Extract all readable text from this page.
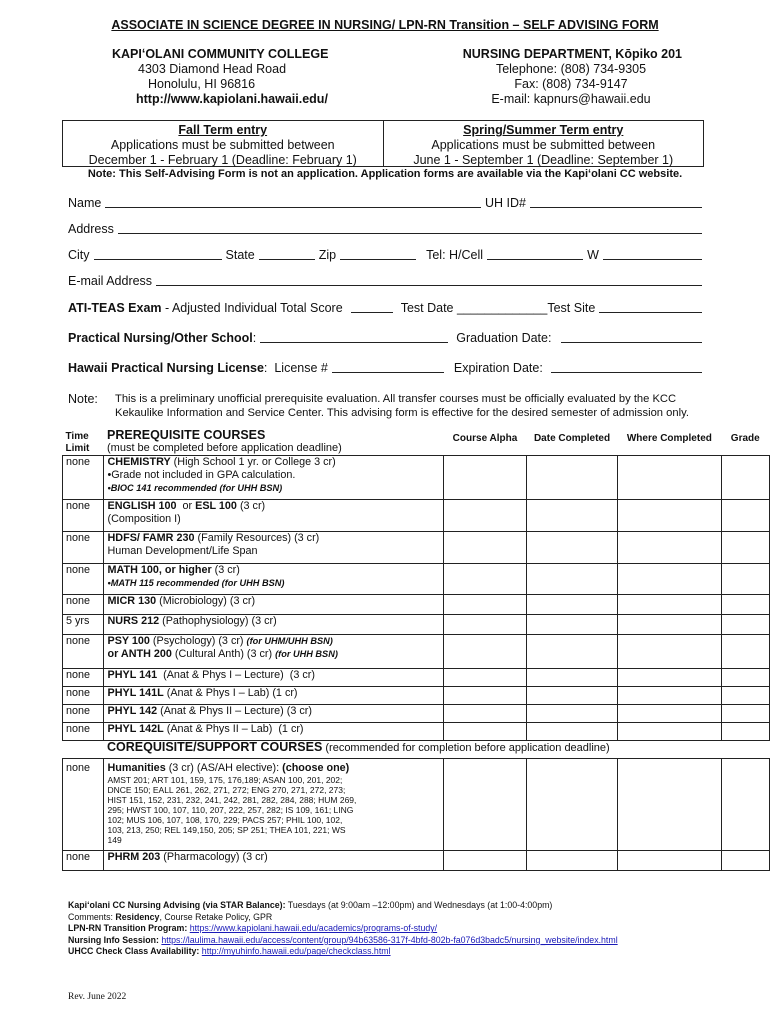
ASSOCIATE IN SCIENCE DEGREE IN NURSING/ LPN-RN Transition – SELF ADVISING FORM
KAPIʻOLANI COMMUNITY COLLEGE
4303 Diamond Head Road
Honolulu, HI 96816
http://www.kapiolani.hawaii.edu/
NURSING DEPARTMENT, Kōpiko 201
Telephone: (808) 734-9305
Fax: (808) 734-9147
E-mail: kapnurs@hawaii.edu
Fall Term entry
Applications must be submitted between
December 1 - February 1 (Deadline: February 1)
Spring/Summer Term entry
Applications must be submitted between
June 1 - September 1 (Deadline: September 1)
Note: This Self-Advising Form is not an application. Application forms are available via the Kapiʻolani CC website.
Name	UH ID#
Address
City	State	Zip	Tel: H/Cell	W
E-mail Address
ATI-TEAS Exam - Adjusted Individual Total Score	Test Date _____________Test Site
Practical Nursing/Other School :	Graduation Date:
Hawaii Practical Nursing License :  License #	Expiration Date:
Note: This is a preliminary unofficial prerequisite evaluation. All transfer courses must be officially evaluated by the KCC Kekaulike Information and Service Center. This advising form is effective for the desired semester of admission only.
Time Limit	PREREQUISITE COURSES
(must be completed before application deadline)	Course Alpha	Date Completed	Where Completed	Grade
none	CHEMISTRY (High School 1 yr. or College 3 cr)
•Grade not included in GPA calculation.
•BIOC 141 recommended (for UHH BSN)				

none	ENGLISH 100  or ESL 100 (3 cr)
(Composition I)				

none	HDFS/ FAMR 230 (Family Resources) (3 cr)
Human Development/Life Span				

none	MATH 100, or higher (3 cr)
•MATH 115 recommended (for UHH BSN)				

none	MICR 130 (Microbiology) (3 cr)				
5 yrs	NURS 212 (Pathophysiology) (3 cr)				
none	PSY 100 (Psychology) (3 cr) (for UHM/UHH BSN)
or ANTH 200 (Cultural Anth) (3 cr) (for UHH BSN)				

none	PHYL 141  (Anat & Phys I – Lecture)  (3 cr)				
none	PHYL 141L (Anat & Phys I – Lab) (1 cr)				
none	PHYL 142 (Anat & Phys II – Lecture) (3 cr)				
none	PHYL 142L (Anat & Phys II – Lab)  (1 cr)				
	COREQUISITE/SUPPORT COURSES (recommended for completion before application deadline)				
none	Humanities (3 cr) (AS/AH elective): (choose one)
AMST 201; ART 101, 159, 175, 176,189; ASAN 100, 201, 202; DNCE 150; EALL 261, 262, 271, 272; ENG 270, 271, 272, 273; HIST 151, 152, 231, 232, 241, 242, 281, 282, 284, 288; HUM 269, 295; HWST 100, 107, 110, 207, 222, 257, 282; IS 109, 161; LING 102; MUS 106, 107, 108, 170, 229; PACS 257; PHIL 100, 102, 103, 213, 250; REL 149,150, 205; SP 251; THEA 101, 221; WS 149				

none	PHRM 203 (Pharmacology) (3 cr)				
Kapiʻolani CC Nursing Advising (via STAR Balance): Tuesdays (at 9:00am –12:00pm) and Wednesdays (at 1:00-4:00pm)
Comments: Residency, Course Retake Policy, GPR
LPN-RN Transition Program: https://www.kapiolani.hawaii.edu/academics/programs-of-study/
Nursing Info Session: https://laulima.hawaii.edu/access/content/group/94b63586-317f-4bfd-802b-fa076d3badc5/nursing_website/index.html
UHCC Check Class Availability: http://myuhinfo.hawaii.edu/page/checkclass.html
Rev. June 2022
